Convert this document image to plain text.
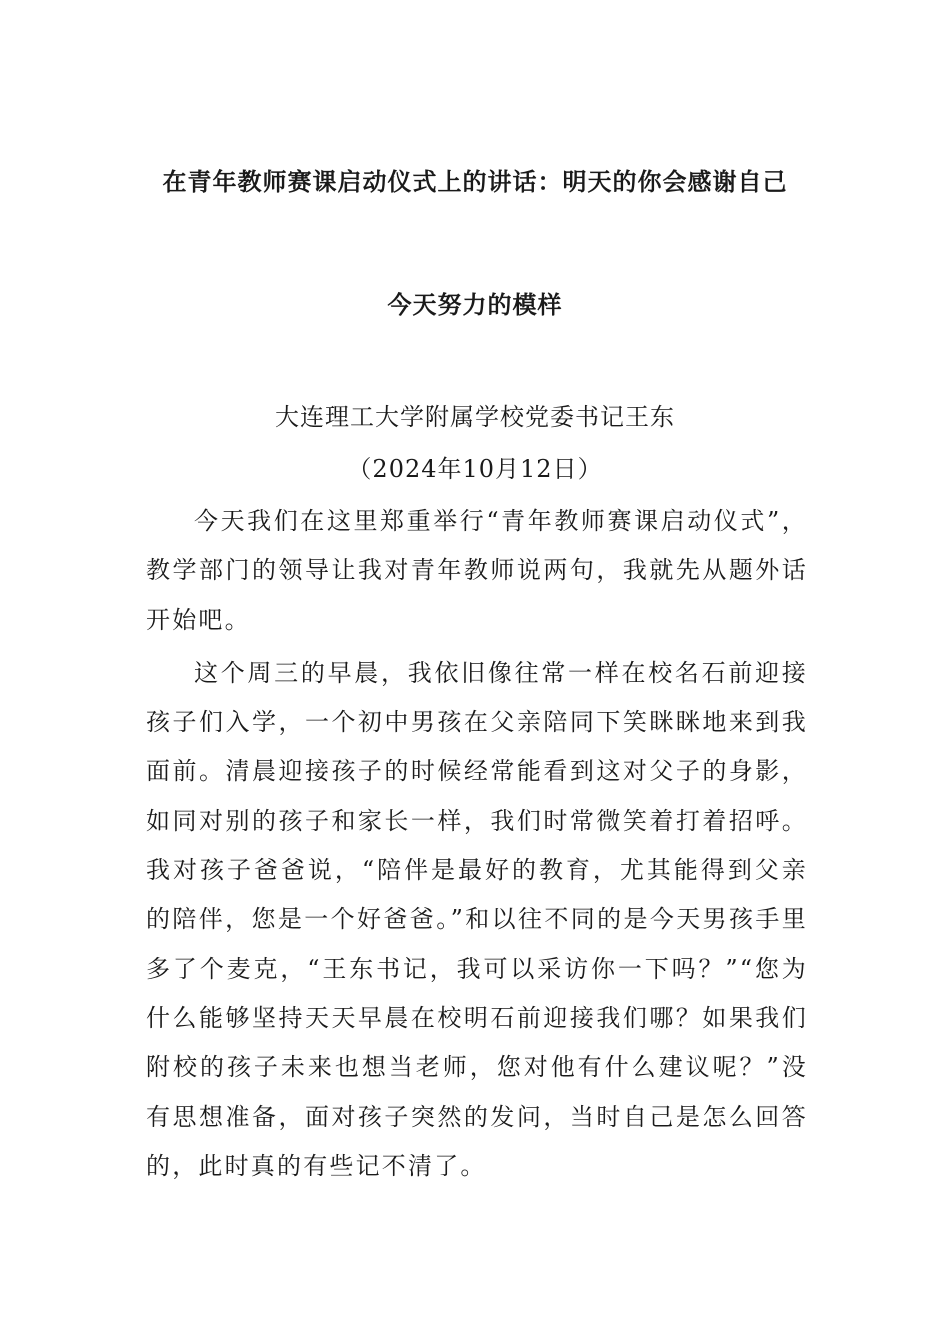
在青年教师赛课启动仪式上的讲话：明天的你会感谢自己
今天努力的模样
大连理工大学附属学校党委书记王东
（2024年10月12日）

今天我们在这里郑重举行“青年教师赛课启动仪式”，教学部门的领导让我对青年教师说两句，我就先从题外话开始吧。

这个周三的早晨，我依旧像往常一样在校名石前迎接孩子们入学，一个初中男孩在父亲陪同下笑眯眯地来到我面前。清晨迎接孩子的时候经常能看到这对父子的身影，如同对别的孩子和家长一样，我们时常微笑着打着招呼。我对孩子爸爸说，“陪伴是最好的教育，尤其能得到父亲的陪伴，您是一个好爸爸。”和以往不同的是今天男孩手里多了个麦克，“王东书记，我可以采访你一下吗？”“您为什么能够坚持天天早晨在校明石前迎接我们哪？如果我们附校的孩子未来也想当老师，您对他有什么建议呢？”没有思想准备，面对孩子突然的发问，当时自己是怎么回答的，此时真的有些记不清了。
